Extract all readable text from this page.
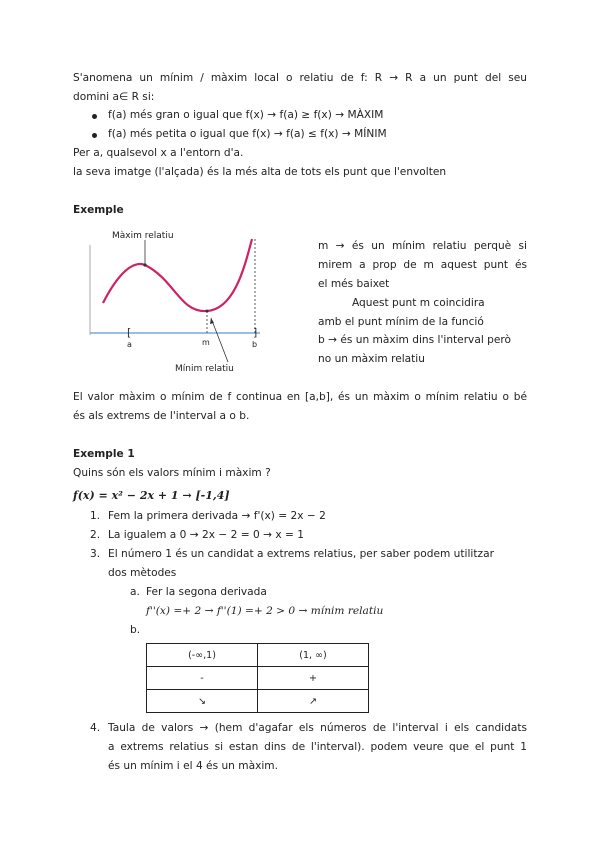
S'anomena un mínim / màxim local o relatiu de f: R → R a un punt del seu
domini a∈ R si:
f(a) més gran o igual que f(x) → f(a) ≥ f(x) → MÀXIM
f(a) més petita o igual que f(x) → f(a) ≤ f(x) → MÍNIM
Per a, qualsevol x a l'entorn d'a.
la seva imatge (l'alçada) és la més alta de tots els punt que l'envolten
Exemple
[	]
Màxim relatiu
Mínim relatiu
a	m	b
m → és un mínim relatiu perquè si
mirem a prop de m aquest punt és
el més baixet
Aquest punt m coincidira
amb el punt mínim de la funció
b → és un màxim dins l'interval però
no un màxim relatiu
El valor màxim o mínim de f continua en [a,b], és un màxim o mínim relatiu o bé
és als extrems de l'interval a o b.
Exemple 1
Quins són els valors mínim i màxim ?
f(x) = x² − 2x + 1 → [-1,4]
1. Fem la primera derivada → f'(x) = 2x − 2
2. La igualem a 0 → 2x − 2 = 0 → x = 1
3. El número 1 és un candidat a extrems relatius, per saber podem utilitzar
dos mètodes
a. Fer la segona derivada
f''(x) =+ 2 → f''(1) =+ 2 > 0 → mínim relatiu
b.
(-∞,1)	(1, ∞)
-	+
↘	↗
4. Taula de valors → (hem d'agafar els números de l'interval i els candidats
a extrems relatius si estan dins de l'interval). podem veure que el punt 1
és un mínim i el 4 és un màxim.
